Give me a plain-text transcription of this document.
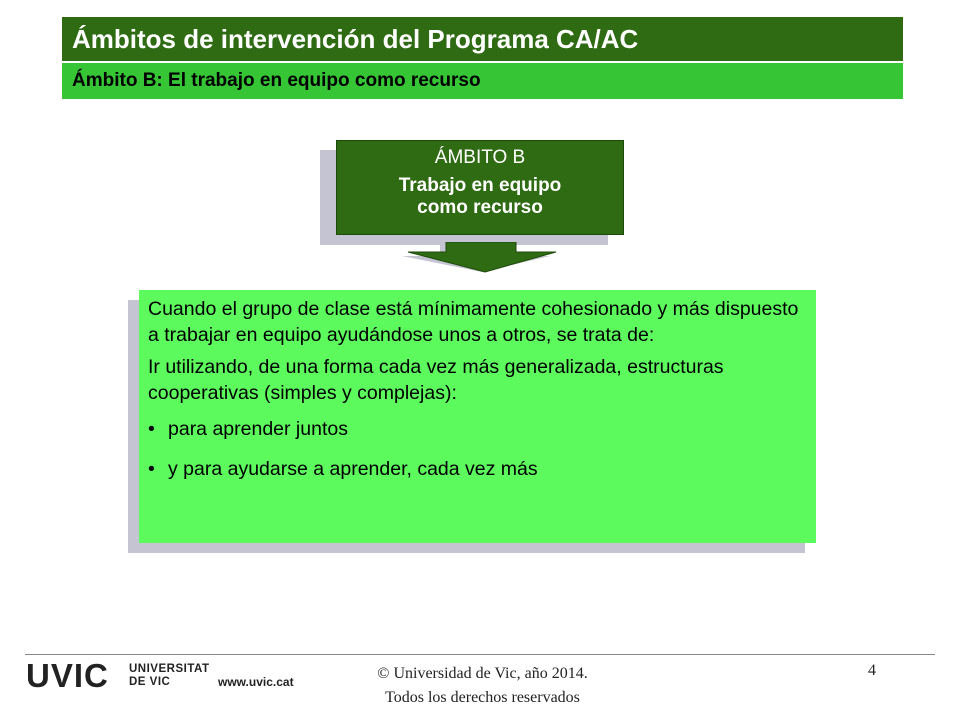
Ámbitos de intervención del Programa CA/AC
Ámbito B: El trabajo en equipo como recurso
ÁMBITO B
Trabajo en equipo
como recurso

Cuando el grupo de clase está mínimamente cohesionado y más dispuesto a trabajar en equipo ayudándose unos a otros, se trata de:

Ir utilizando, de una forma cada vez más generalizada, estructuras cooperativas (simples y complejas):

• para aprender juntos
• y para ayudarse a aprender, cada vez más
UVIC UNIVERSITAT
DE VIC	www.uvic.cat	© Universidad de Vic, año 2014.
Todos los derechos reservados
4
